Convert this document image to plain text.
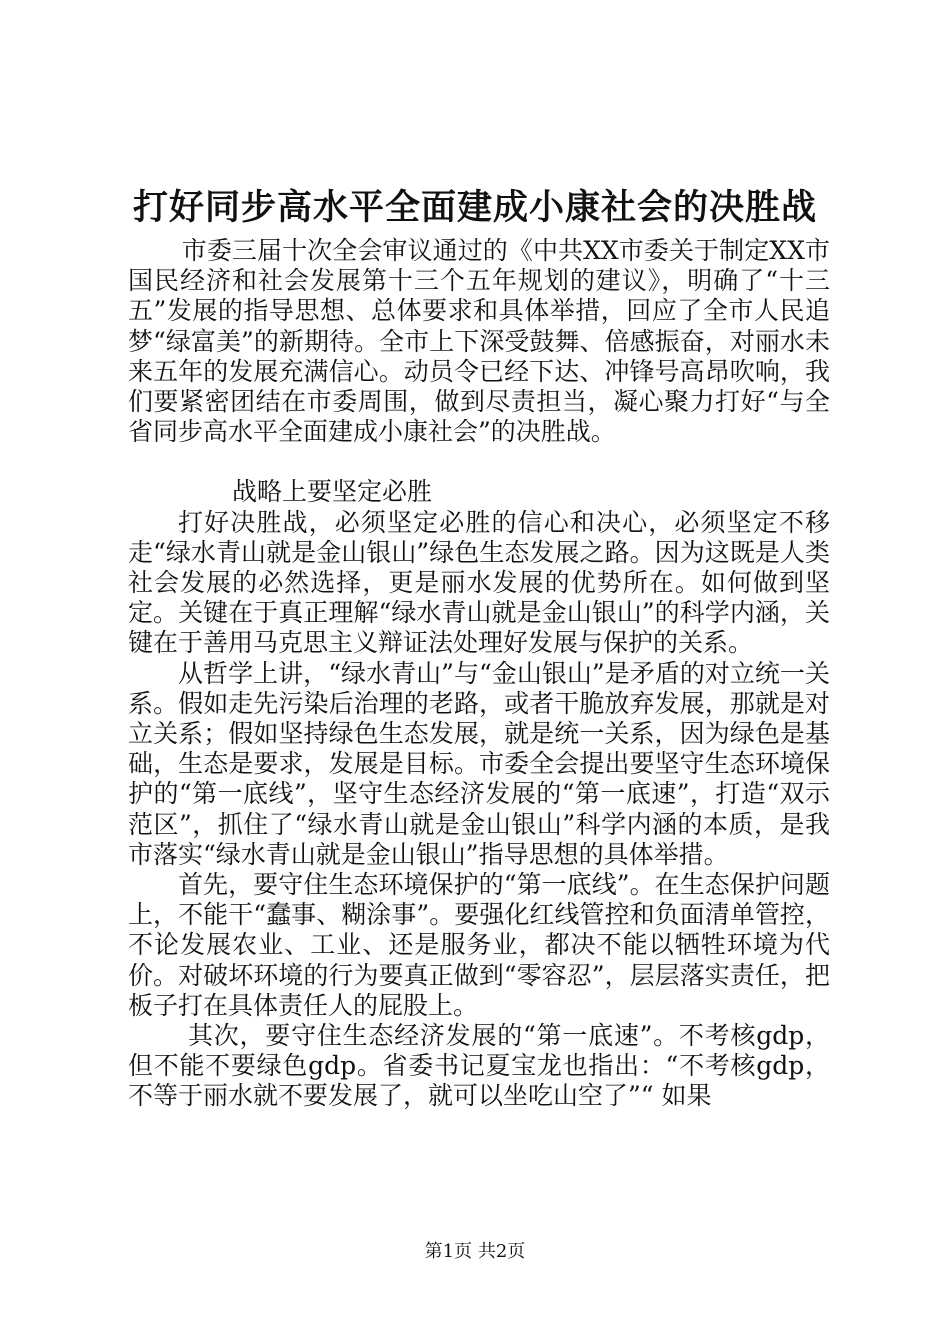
打好同步高水平全面建成小康社会的决胜战

市委三届十次全会审议通过的《中共XX市委关于制定XX市国民经济和社会发展第十三个五年规划的建议》，明确了“十三五”发展的指导思想、总体要求和具体举措，回应了全市人民追梦“绿富美”的新期待。全市上下深受鼓舞、倍感振奋，对丽水未来五年的发展充满信心。动员令已经下达、冲锋号高昂吹响，我们要紧密团结在市委周围，做到尽责担当，凝心聚力打好“与全省同步高水平全面建成小康社会”的决胜战。

战略上要坚定必胜

打好决胜战，必须坚定必胜的信心和决心，必须坚定不移走“绿水青山就是金山银山”绿色生态发展之路。因为这既是人类社会发展的必然选择，更是丽水发展的优势所在。如何做到坚定。关键在于真正理解“绿水青山就是金山银山”的科学内涵，关键在于善用马克思主义辩证法处理好发展与保护的关系。

从哲学上讲，“绿水青山”与“金山银山”是矛盾的对立统一关系。假如走先污染后治理的老路，或者干脆放弃发展，那就是对立关系；假如坚持绿色生态发展，就是统一关系，因为绿色是基础，生态是要求，发展是目标。市委全会提出要坚守生态环境保护的“第一底线”，坚守生态经济发展的“第一底速”，打造“双示范区”，抓住了“绿水青山就是金山银山”科学内涵的本质，是我市落实“绿水青山就是金山银山”指导思想的具体举措。

首先，要守住生态环境保护的“第一底线”。在生态保护问题上，不能干“蠢事、糊涂事”。要强化红线管控和负面清单管控，不论发展农业、工业、还是服务业，都决不能以牺牲环境为代价。对破坏环境的行为要真正做到“零容忍”，层层落实责任，把板子打在具体责任人的屁股上。

其次，要守住生态经济发展的“第一底速”。不考核gdp，但不能不要绿色gdp。省委书记夏宝龙也指出：“不考核gdp，不等于丽水就不要发展了，就可以坐吃山空了”“ 如果

第1页 共2页
